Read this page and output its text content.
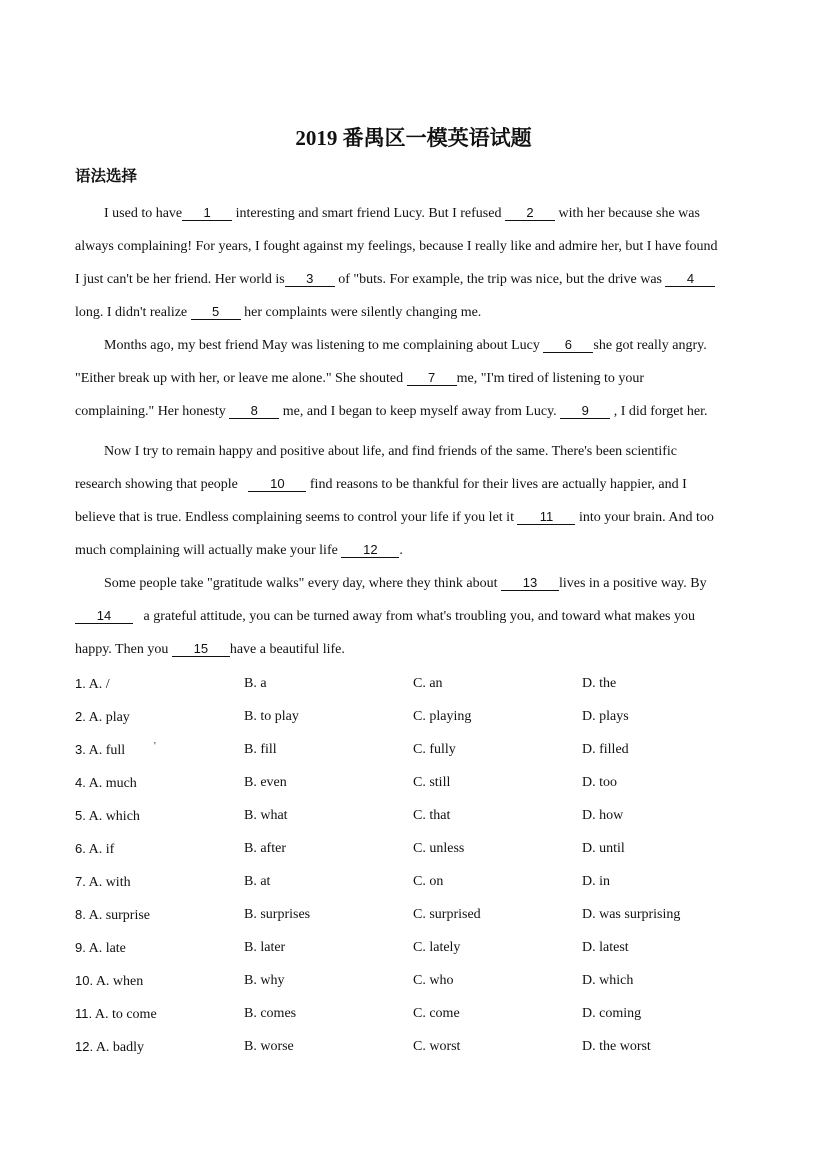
2019 番禺区一模英语试题
语法选择
I used to have 1 interesting and smart friend Lucy. But I refused 2 with her because she was
always complaining! For years, I fought against my feelings, because I really like and admire her, but I have found
I just can't be her friend. Her world is 3 of "buts. For example, the trip was nice, but the drive was 4
long. I didn't realize 5 her complaints were silently changing me.
Months ago, my best friend May was listening to me complaining about Lucy 6 she got really angry.
"Either break up with her, or leave me alone." She shouted 7 me, "I'm tired of listening to your
complaining." Her honesty 8 me, and I began to keep myself away from Lucy. 9 , I did forget her.
Now I try to remain happy and positive about life, and find friends of the same. There's been scientific
research showing that people 10 find reasons to be thankful for their lives are actually happier, and I
believe that is true. Endless complaining seems to control your life if you let it 11 into your brain. And too
much complaining will actually make your life 12 .
Some people take "gratitude walks" every day, where they think about 13 lives in a positive way. By
14 a grateful attitude, you can be turned away from what's troubling you, and toward what makes you
happy. Then you 15 have a beautiful life.
'
1. A. /	B. a	C. an	D. the
2. A. play	B. to play	C. playing	D. plays
3. A. full	B. fill	C. fully	D. filled
4. A. much	B. even	C. still	D. too
5. A. which	B. what	C. that	D. how
6. A. if	B. after	C. unless	D. until
7. A. with	B. at	C. on	D. in
8. A. surprise	B. surprises	C. surprised	D. was surprising
9. A. late	B. later	C. lately	D. latest
10. A. when	B. why	C. who	D. which
11. A. to come	B. comes	C. come	D. coming
12. A. badly	B. worse	C. worst	D. the worst
